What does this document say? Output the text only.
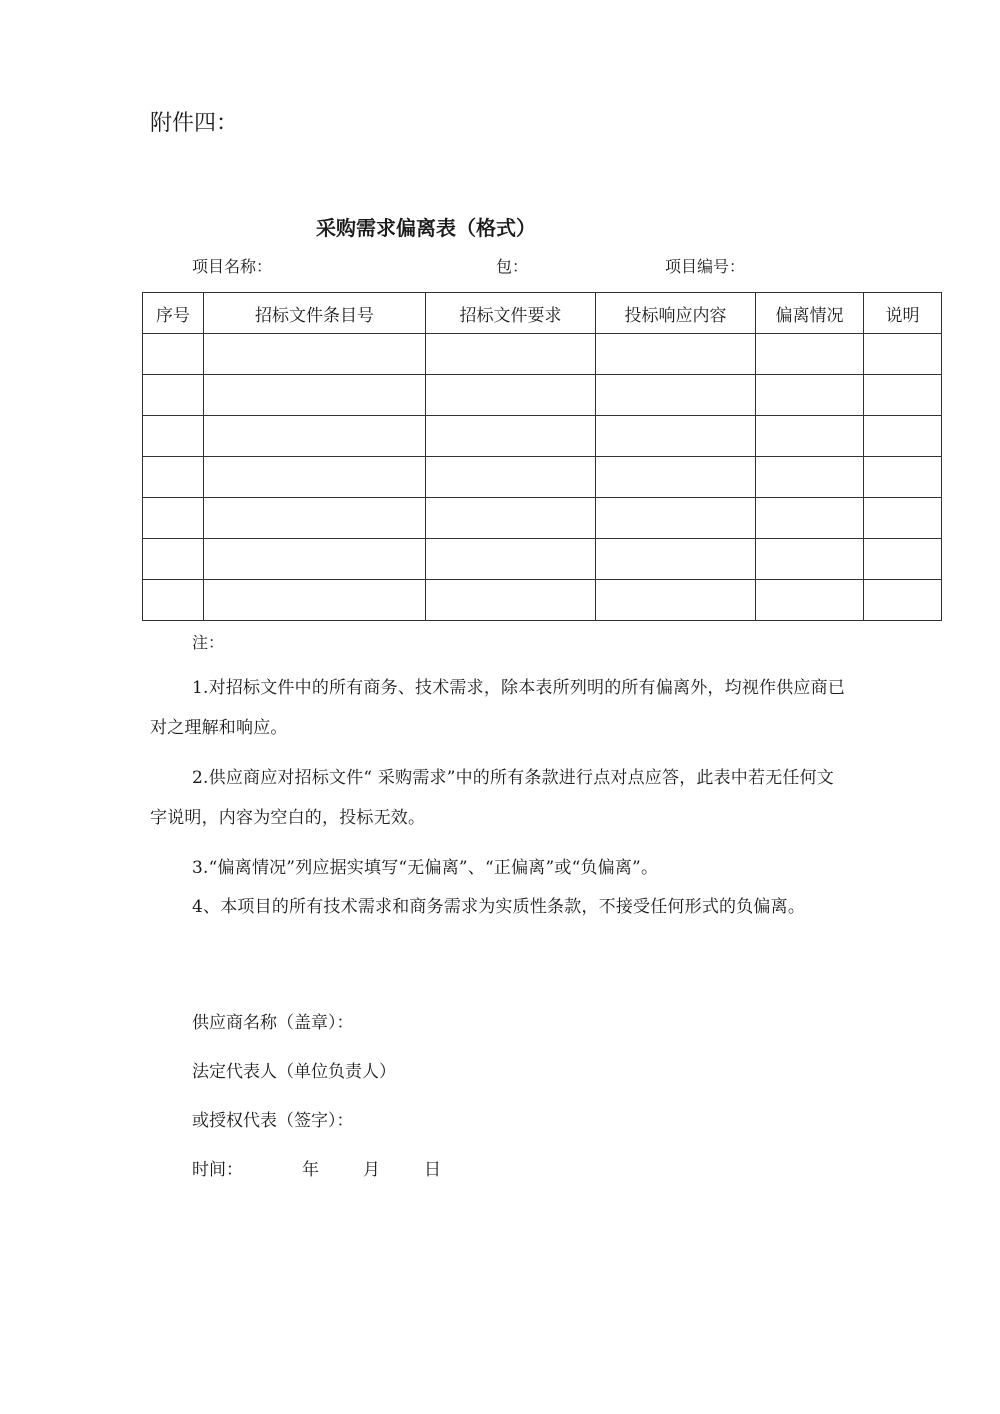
附件四：
采购需求偏离表（格式）
项目名称：	包：	项目编号：
序号	招标文件条目号	招标文件要求	投标响应内容	偏离情况	说明

注：
1.对招标文件中的所有商务、技术需求，除本表所列明的所有偏离外，均视作供应商已对之理解和响应。
2.供应商应对招标文件“ 采购需求”中的所有条款进行点对点应答，此表中若无任何文字说明，内容为空白的，投标无效。
3.“偏离情况”列应据实填写“无偏离”、“正偏离”或“负偏离”。
4、本项目的所有技术需求和商务需求为实质性条款，不接受任何形式的负偏离。
供应商名称（盖章）：
法定代表人（单位负责人）
或授权代表（签字）：
时间：	年	月	日
